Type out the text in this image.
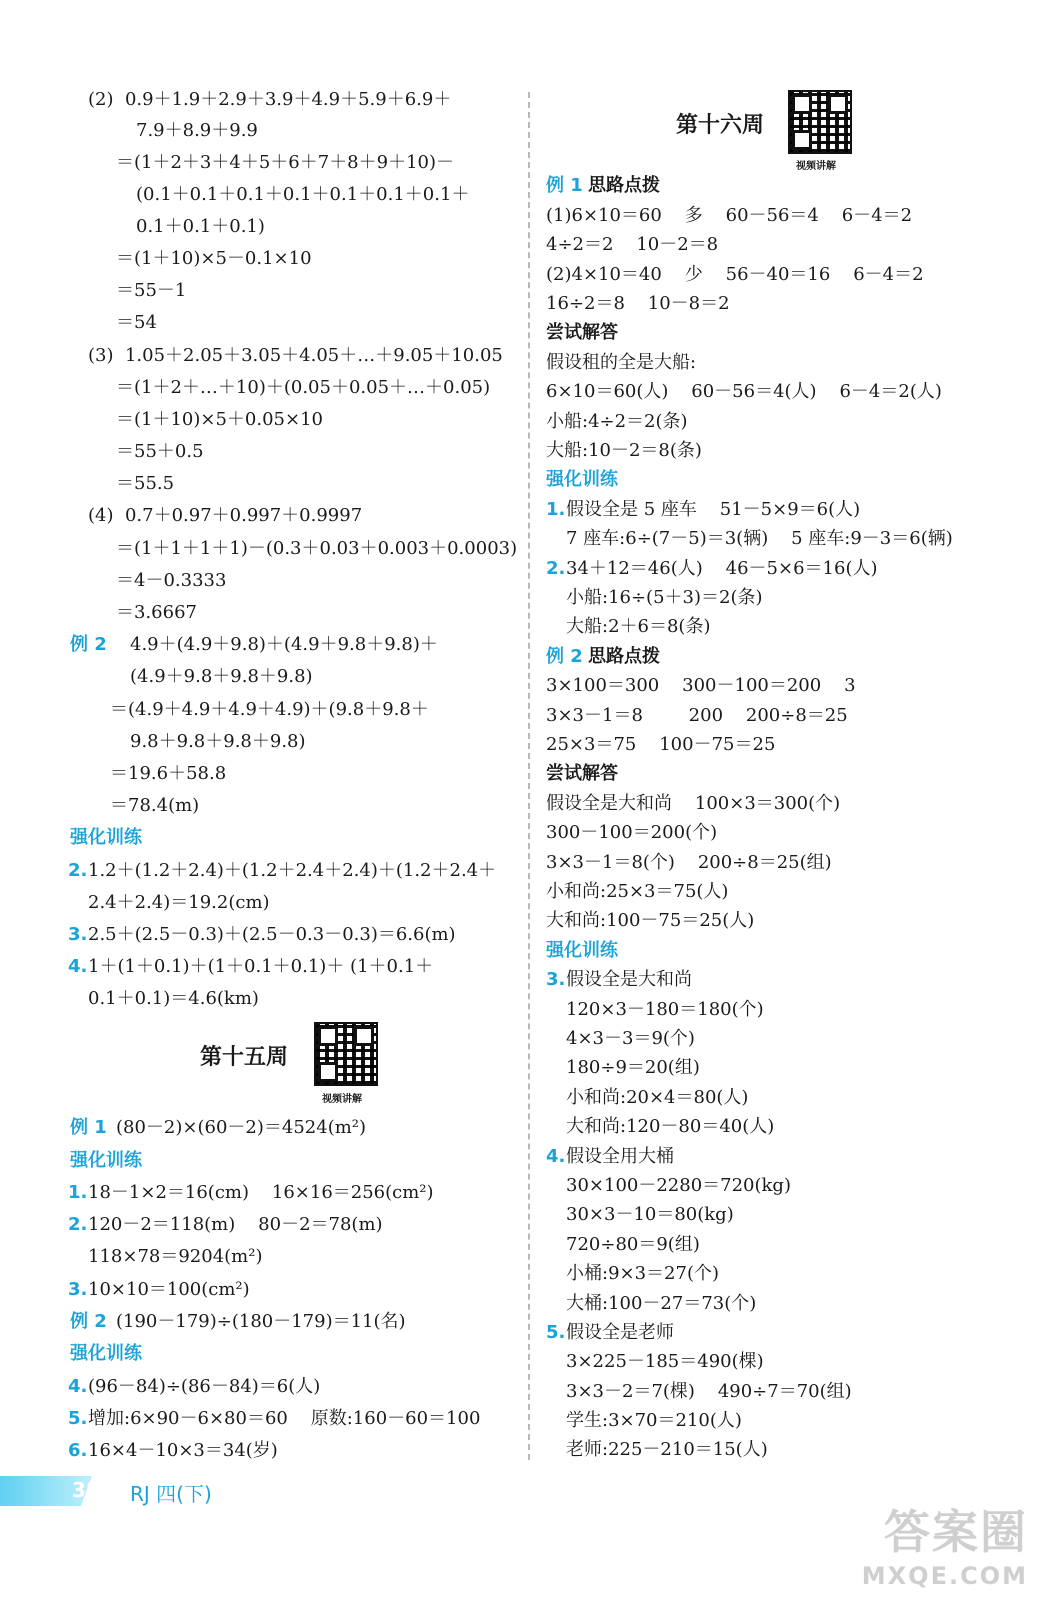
(2)  0.9＋1.9＋2.9＋3.9＋4.9＋5.9＋6.9＋
7.9＋8.9＋9.9
＝(1＋2＋3＋4＋5＋6＋7＋8＋9＋10)－
(0.1＋0.1＋0.1＋0.1＋0.1＋0.1＋0.1＋
0.1＋0.1＋0.1)
＝(1＋10)×5－0.1×10
＝55－1
＝54
(3)  1.05＋2.05＋3.05＋4.05＋…＋9.05＋10.05
＝(1＋2＋…＋10)＋(0.05＋0.05＋…＋0.05)
＝(1＋10)×5＋0.05×10
＝55＋0.5
＝55.5
(4)  0.7＋0.97＋0.997＋0.9997
＝(1＋1＋1＋1)－(0.3＋0.03＋0.003＋0.0003)
＝4－0.3333
＝3.6667
例 2 4.9＋(4.9＋9.8)＋(4.9＋9.8＋9.8)＋
(4.9＋9.8＋9.8＋9.8)
＝(4.9＋4.9＋4.9＋4.9)＋(9.8＋9.8＋
9.8＋9.8＋9.8＋9.8)
＝19.6＋58.8
＝78.4(m)
强化训练
2. 1.2＋(1.2＋2.4)＋(1.2＋2.4＋2.4)＋(1.2＋2.4＋
2.4＋2.4)＝19.2(cm)
3. 2.5＋(2.5－0.3)＋(2.5－0.3－0.3)＝6.6(m)
4. 1＋(1＋0.1)＋(1＋0.1＋0.1)＋ (1＋0.1＋
0.1＋0.1)＝4.6(km)
第十五周
视频讲解
例 1 (80－2)×(60－2)＝4524(m²)
强化训练
1. 18－1×2＝16(cm)    16×16＝256(cm²)
2. 120－2＝118(m)    80－2＝78(m)
118×78＝9204(m²)
3. 10×10＝100(cm²)
例 2 (190－179)÷(180－179)＝11(名)
强化训练
4. (96－84)÷(86－84)＝6(人)
5. 增加:6×90－6×80＝60    原数:160－60＝100
6. 16×4－10×3＝34(岁)
第十六周
视频讲解
例 1 思路点拨
(1)6×10＝60    多    60－56＝4    6－4＝2
4÷2＝2    10－2＝8
(2)4×10＝40    少    56－40＝16    6－4＝2
16÷2＝8    10－8＝2
尝试解答
假设租的全是大船:
6×10＝60(人)    60－56＝4(人)    6－4＝2(人)
小船:4÷2＝2(条)
大船:10－2＝8(条)
强化训练
1. 假设全是 5 座车    51－5×9＝6(人)
7 座车:6÷(7－5)＝3(辆)    5 座车:9－3＝6(辆)
2. 34＋12＝46(人)    46－5×6＝16(人)
小船:16÷(5＋3)＝2(条)
大船:2＋6＝8(条)
例 2 思路点拨
3×100＝300    300－100＝200    3
3×3－1＝8        200    200÷8＝25
25×3＝75    100－75＝25
尝试解答
假设全是大和尚    100×3＝300(个)
300－100＝200(个)
3×3－1＝8(个)    200÷8＝25(组)
小和尚:25×3＝75(人)
大和尚:100－75＝25(人)
强化训练
3. 假设全是大和尚
120×3－180＝180(个)
4×3－3＝9(个)
180÷9＝20(组)
小和尚:20×4＝80(人)
大和尚:120－80＝40(人)
4. 假设全用大桶
30×100－2280＝720(kg)
30×3－10＝80(kg)
720÷80＝9(组)
小桶:9×3＝27(个)
大桶:100－27＝73(个)
5. 假设全是老师
3×225－185＝490(棵)
3×3－2＝7(棵)    490÷7＝70(组)
学生:3×70＝210(人)
老师:225－210＝15(人)
38 RJ 四(下)
答案圈
MXQE.COM
